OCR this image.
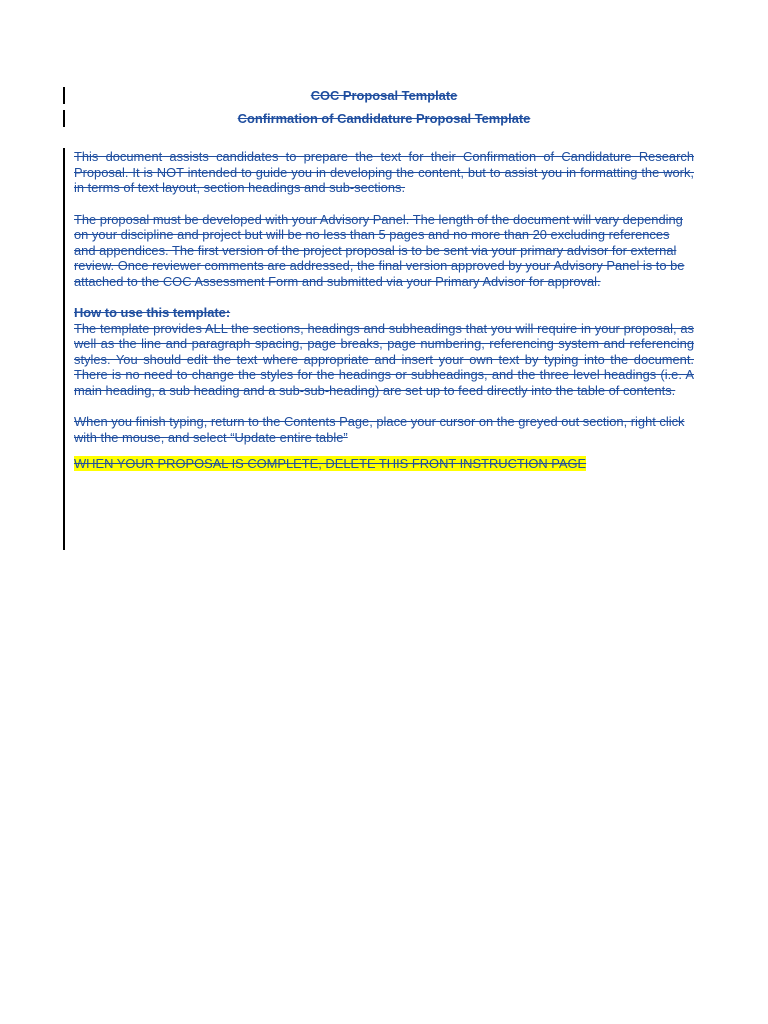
COC Proposal Template
Confirmation of Candidature Proposal Template

This document assists candidates to prepare the text for their Confirmation of Candidature Research Proposal. It is NOT intended to guide you in developing the content, but to assist you in formatting the work, in terms of text layout, section headings and sub-sections.

The proposal must be developed with your Advisory Panel. The length of the document will vary depending on your discipline and project but will be no less than 5 pages and no more than 20 excluding references and appendices. The first version of the project proposal is to be sent via your primary advisor for external review. Once reviewer comments are addressed, the final version approved by your Advisory Panel is to be attached to the COC Assessment Form and submitted via your Primary Advisor for approval.

How to use this template:

The template provides ALL the sections, headings and subheadings that you will require in your proposal, as well as the line and paragraph spacing, page breaks, page numbering, referencing system and referencing styles. You should edit the text where appropriate and insert your own text by typing into the document. There is no need to change the styles for the headings or subheadings, and the three level headings (i.e. A main heading, a sub heading and a sub-sub-heading) are set up to feed directly into the table of contents.

When you finish typing, return to the Contents Page, place your cursor on the greyed out section, right click with the mouse, and select “Update entire table”

WHEN YOUR PROPOSAL IS COMPLETE, DELETE THIS FRONT INSTRUCTION PAGE
